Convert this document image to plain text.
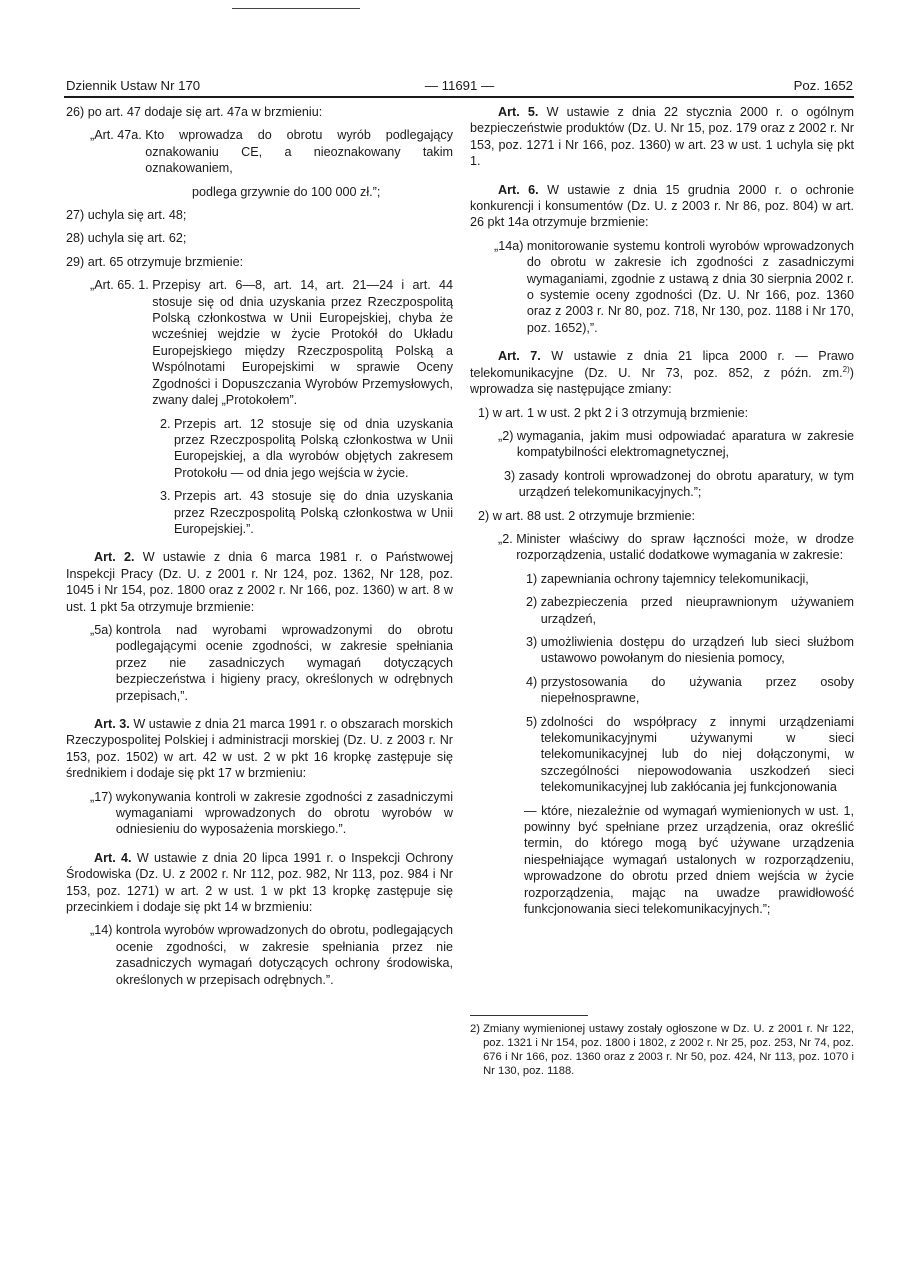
Dziennik Ustaw Nr 170	— 11691 —	Poz. 1652
26)
po art. 47 dodaje się art. 47a w brzmieniu:
„Art. 47a.
Kto wprowadza do obrotu wyrób podlegający oznakowaniu CE, a nieoznakowany takim oznakowaniem,

podlega grzywnie do 100 000 zł.”;

27)
uchyla się art. 48;
28)
uchyla się art. 62;
29)
art. 65 otrzymuje brzmienie:
„Art. 65. 1.
Przepisy art. 6—8, art. 14, art. 21—24 i art. 44 stosuje się od dnia uzyskania przez Rzeczpospolitą Polską członkostwa w Unii Europejskiej, chyba że wcześniej wejdzie w życie Protokół do Układu Europejskiego między Rzeczpospolitą Polską a Wspólnotami Europejskimi w sprawie Oceny Zgodności i Dopuszczania Wyrobów Przemysłowych, zwany dalej „Protokołem”.
2.
Przepis art. 12 stosuje się od dnia uzyskania przez Rzeczpospolitą Polską członkostwa w Unii Europejskiej, a dla wyrobów objętych zakresem Protokołu — od dnia jego wejścia w życie.
3.
Przepis art. 43 stosuje się do dnia uzyskania przez Rzeczpospolitą Polską członkostwa w Unii Europejskiej.”.

Art. 2. W ustawie z dnia 6 marca 1981 r. o Państwowej Inspekcji Pracy (Dz. U. z 2001 r. Nr 124, poz. 1362, Nr 128, poz. 1045 i Nr 154, poz. 1800 oraz z 2002 r. Nr 166, poz. 1360) w art. 8 w ust. 1 pkt 5a otrzymuje brzmienie:

„5a)
kontrola nad wyrobami wprowadzonymi do obrotu podlegającymi ocenie zgodności, w zakresie spełniania przez nie zasadniczych wymagań dotyczących bezpieczeństwa i higieny pracy, określonych w odrębnych przepisach,”.

Art. 3. W ustawie z dnia 21 marca 1991 r. o obszarach morskich Rzeczypospolitej Polskiej i administracji morskiej (Dz. U. z 2003 r. Nr 153, poz. 1502) w art. 42 w ust. 2 w pkt 16 kropkę zastępuje się średnikiem i dodaje się pkt 17 w brzmieniu:

„17)
wykonywania kontroli w zakresie zgodności z zasadniczymi wymaganiami wprowadzonych do obrotu wyrobów w odniesieniu do wyposażenia morskiego.”.

Art. 4. W ustawie z dnia 20 lipca 1991 r. o Inspekcji Ochrony Środowiska (Dz. U. z 2002 r. Nr 112, poz. 982, Nr 113, poz. 984 i Nr 153, poz. 1271) w art. 2 w ust. 1 w pkt 13 kropkę zastępuje się przecinkiem i dodaje się pkt 14 w brzmieniu:

„14)
kontrola wyrobów wprowadzonych do obrotu, podlegających ocenie zgodności, w zakresie spełniania przez nie zasadniczych wymagań dotyczących ochrony środowiska, określonych w przepisach odrębnych.”.

Art. 5. W ustawie z dnia 22 stycznia 2000 r. o ogólnym bezpieczeństwie produktów (Dz. U. Nr 15, poz. 179 oraz z 2002 r. Nr 153, poz. 1271 i Nr 166, poz. 1360) w art. 23 w ust. 1 uchyla się pkt 1.

Art. 6. W ustawie z dnia 15 grudnia 2000 r. o ochronie konkurencji i konsumentów (Dz. U. z 2003 r. Nr 86, poz. 804) w art. 26 pkt 14a otrzymuje brzmienie:

„14a)
monitorowanie systemu kontroli wyrobów wprowadzonych do obrotu w zakresie ich zgodności z zasadniczymi wymaganiami, zgodnie z ustawą z dnia 30 sierpnia 2002 r. o systemie oceny zgodności (Dz. U. Nr 166, poz. 1360 oraz z 2003 r. Nr 80, poz. 718, Nr 130, poz. 1188 i Nr 170, poz. 1652),”.

Art. 7. W ustawie z dnia 21 lipca 2000 r. — Prawo telekomunikacyjne (Dz. U. Nr 73, poz. 852, z późn. zm.$^{2)}$) wprowadza się następujące zmiany:

1)
w art. 1 w ust. 2 pkt 2 i 3 otrzymują brzmienie:
„2)
wymagania, jakim musi odpowiadać aparatura w zakresie kompatybilności elektromagnetycznej,
3)
zasady kontroli wprowadzonej do obrotu aparatury, w tym urządzeń telekomunikacyjnych.”;
2)
w art. 88 ust. 2 otrzymuje brzmienie:
„2.
Minister właściwy do spraw łączności może, w drodze rozporządzenia, ustalić dodatkowe wymagania w zakresie:
1)
zapewniania ochrony tajemnicy telekomunikacji,
2)
zabezpieczenia przed nieuprawnionym używaniem urządzeń,
3)
umożliwienia dostępu do urządzeń lub sieci służbom ustawowo powołanym do niesienia pomocy,
4)
przystosowania do używania przez osoby niepełnosprawne,
5)
zdolności do współpracy z innymi urządzeniami telekomunikacyjnymi używanymi w sieci telekomunikacyjnej lub do niej dołączonymi, w szczególności niepowodowania uszkodzeń sieci telekomunikacyjnej lub zakłócania jej funkcjonowania

— które, niezależnie od wymagań wymienionych w ust. 1, powinny być spełniane przez urządzenia, oraz określić termin, do którego mogą być używane urządzenia niespełniające wymagań ustalonych w rozporządzeniu, wprowadzone do obrotu przed dniem wejścia w życie rozporządzenia, mając na uwadze prawidłowość funkcjonowania sieci telekomunikacyjnych.”;

2)
Zmiany wymienionej ustawy zostały ogłoszone w Dz. U. z 2001 r. Nr 122, poz. 1321 i Nr 154, poz. 1800 i 1802, z 2002 r. Nr 25, poz. 253, Nr 74, poz. 676 i Nr 166, poz. 1360 oraz z 2003 r. Nr 50, poz. 424, Nr 113, poz. 1070 i Nr 130, poz. 1188.
